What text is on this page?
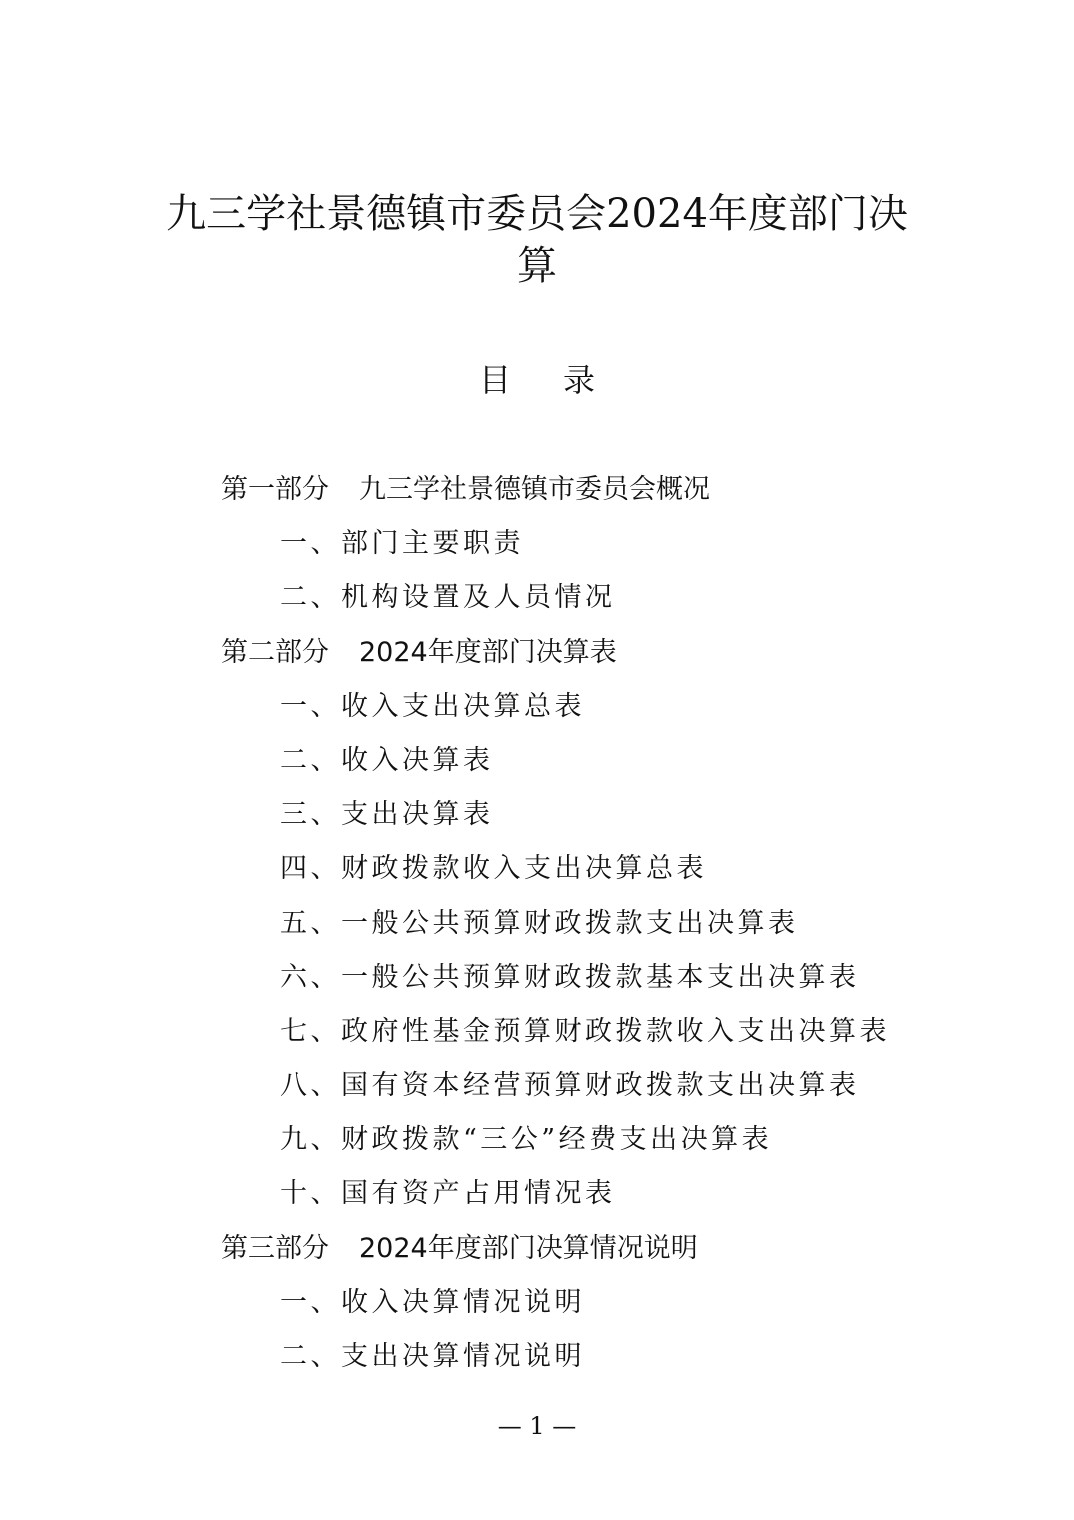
九三学社景德镇市委员会2024年度部门决
算
目录
第一部分 九三学社景德镇市委员会概况
一、部门主要职责
二、机构设置及人员情况
第二部分 2024年度部门决算表
一、收入支出决算总表
二、收入决算表
三、支出决算表
四、财政拨款收入支出决算总表
五、一般公共预算财政拨款支出决算表
六、一般公共预算财政拨款基本支出决算表
七、政府性基金预算财政拨款收入支出决算表
八、国有资本经营预算财政拨款支出决算表
九、财政拨款“三公”经费支出决算表
十、国有资产占用情况表
第三部分 2024年度部门决算情况说明
一、收入决算情况说明
二、支出决算情况说明
— 1 —
